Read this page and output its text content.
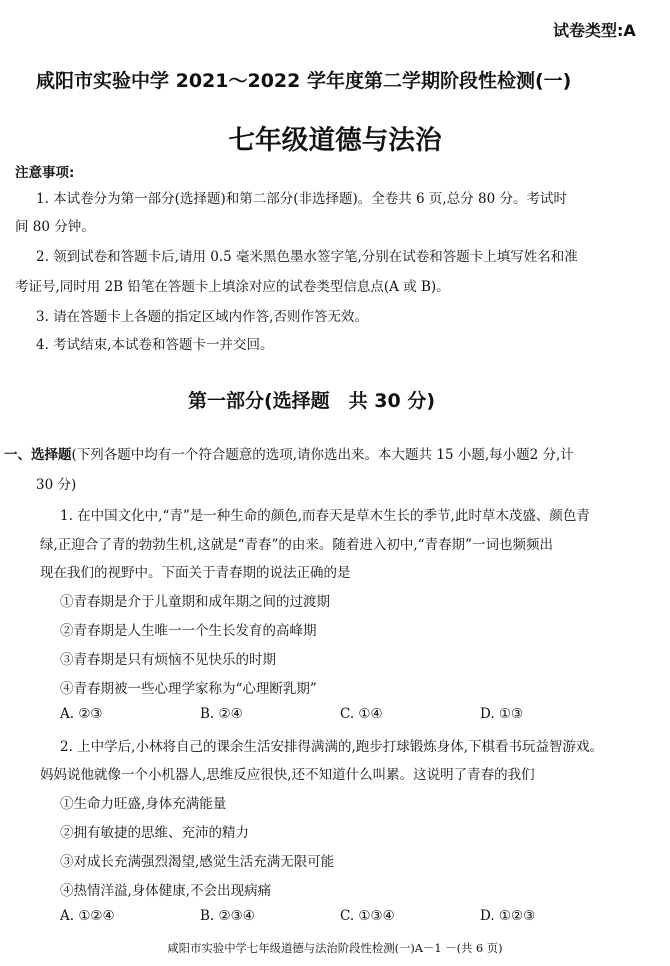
试卷类型:A
咸阳市实验中学 2021～2022 学年度第二学期阶段性检测(一)
七年级道德与法治
注意事项:
1. 本试卷分为第一部分(选择题)和第二部分(非选择题)。全卷共 6 页,总分 80 分。考试时
间 80 分钟。
2. 领到试卷和答题卡后,请用 0.5 毫米黑色墨水签字笔,分别在试卷和答题卡上填写姓名和准
考证号,同时用 2B 铅笔在答题卡上填涂对应的试卷类型信息点(A 或 B)。
3. 请在答题卡上各题的指定区域内作答,否则作答无效。
4. 考试结束,本试卷和答题卡一并交回。
第一部分(选择题　共 30 分)
一、选择题(下列各题中均有一个符合题意的选项,请你选出来。本大题共 15 小题,每小题2 分,计
30 分)
1. 在中国文化中,“青”是一种生命的颜色,而春天是草木生长的季节,此时草木茂盛、颜色青
绿,正迎合了青的勃勃生机,这就是“青春”的由来。随着进入初中,“青春期”一词也频频出
现在我们的视野中。下面关于青春期的说法正确的是
①青春期是介于儿童期和成年期之间的过渡期
②青春期是人生唯一一个生长发育的高峰期
③青春期是只有烦恼不见快乐的时期
④青春期被一些心理学家称为“心理断乳期”
A. ②③	B. ②④	C. ①④	D. ①③
2. 上中学后,小林将自己的课余生活安排得满满的,跑步打球锻炼身体,下棋看书玩益智游戏。
妈妈说他就像一个小机器人,思维反应很快,还不知道什么叫累。这说明了青春的我们
①生命力旺盛,身体充满能量
②拥有敏捷的思维、充沛的精力
③对成长充满强烈渴望,感觉生活充满无限可能
④热情洋溢,身体健康,不会出现病痛
A. ①②④	B. ②③④	C. ①③④	D. ①②③
咸阳市实验中学七年级道德与法治阶段性检测(一)A－1 －(共 6 页)
